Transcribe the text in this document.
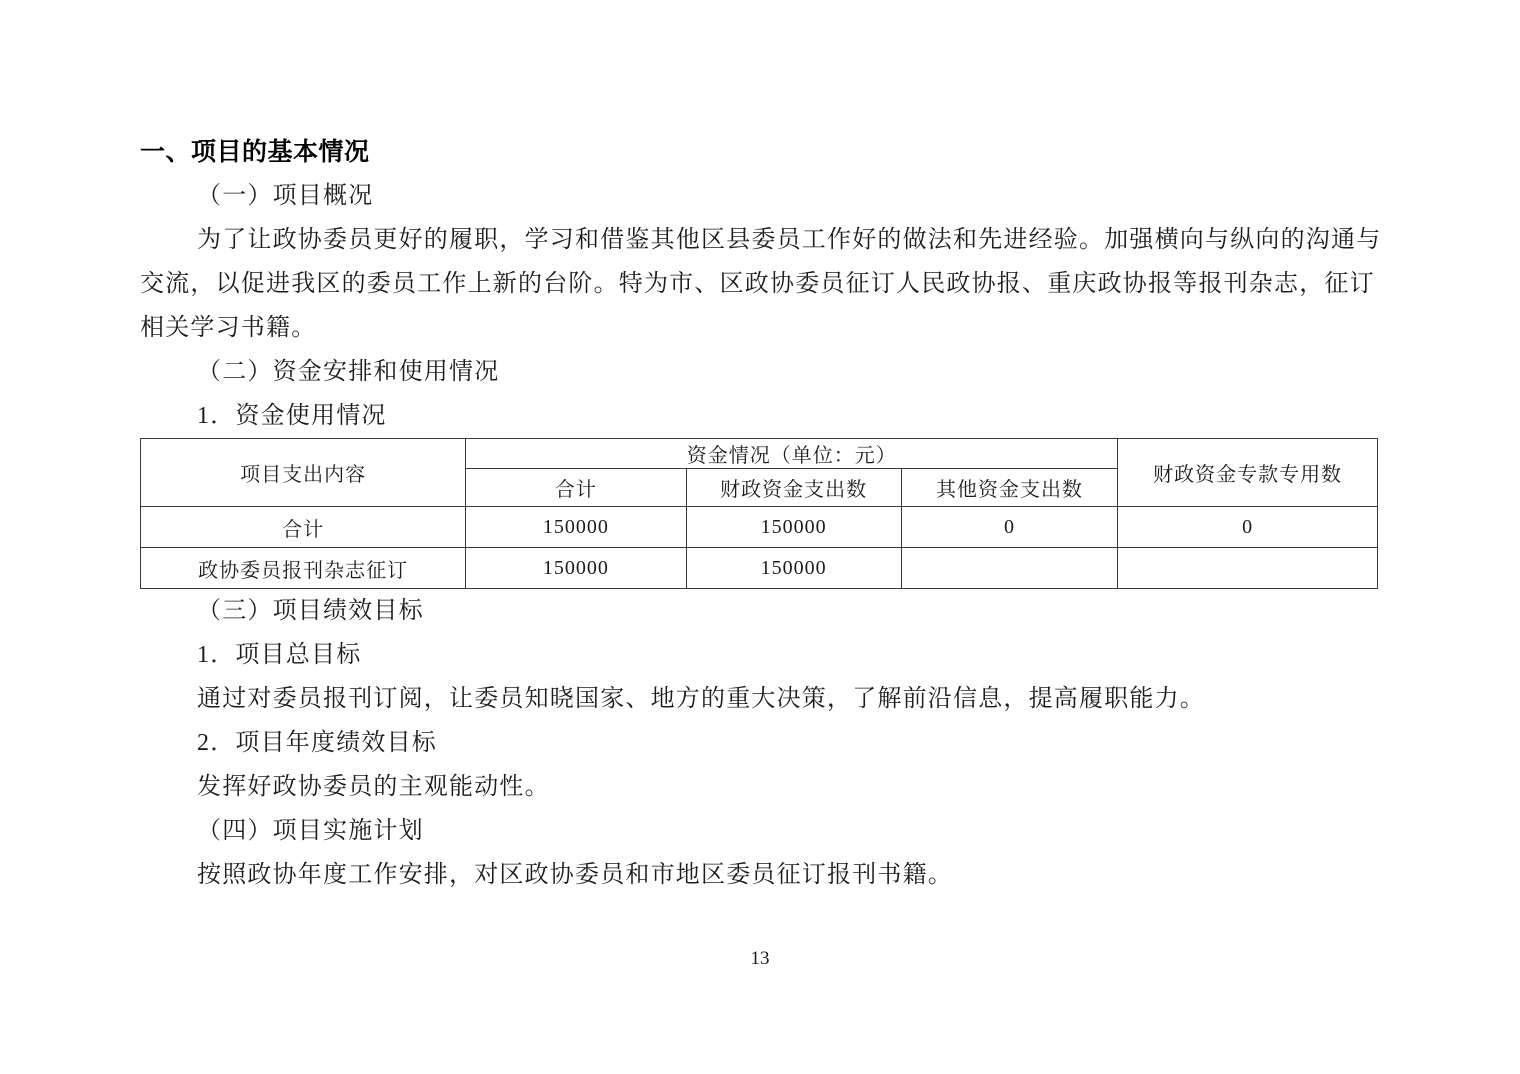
一、项目的基本情况
（一）项目概况
为了让政协委员更好的履职，学习和借鉴其他区县委员工作好的做法和先进经验。加强横向与纵向的沟通与
交流，以促进我区的委员工作上新的台阶。特为市、区政协委员征订人民政协报、重庆政协报等报刊杂志，征订
相关学习书籍。
（二）资金安排和使用情况
1．资金使用情况
项目支出内容	资金情况（单位：元）			财政资金专款专用数
	合计	财政资金支出数	其他资金支出数	
合计	150000	150000	0	0
政协委员报刊杂志征订	150000	150000		
（三）项目绩效目标
1．项目总目标
通过对委员报刊订阅，让委员知晓国家、地方的重大决策，了解前沿信息，提高履职能力。
2．项目年度绩效目标
发挥好政协委员的主观能动性。
（四）项目实施计划
按照政协年度工作安排，对区政协委员和市地区委员征订报刊书籍。
13
